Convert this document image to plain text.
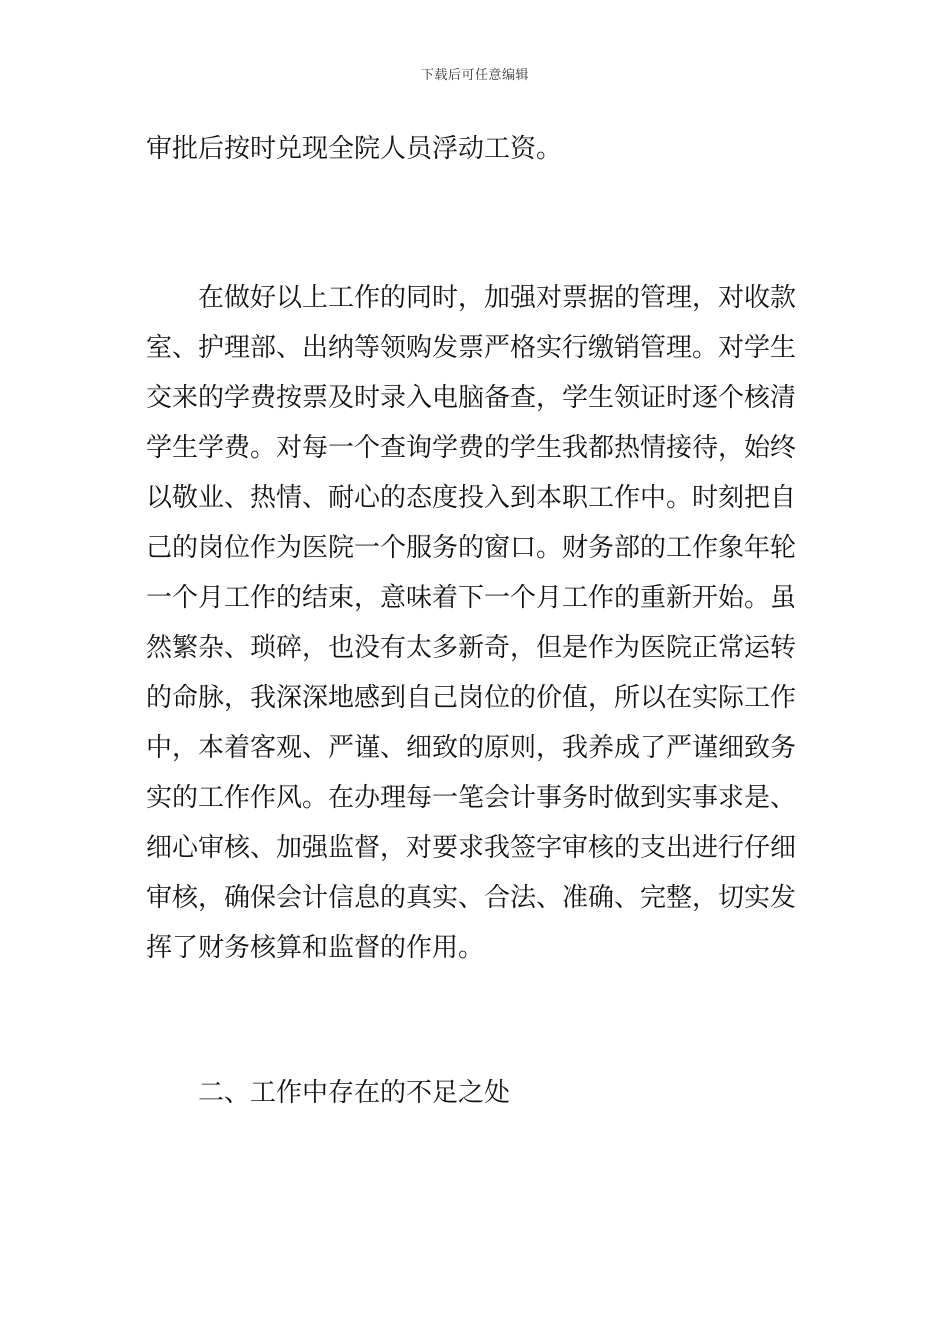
下载后可任意编辑
审批后按时兑现全院人员浮动工资。
在做好以上工作的同时，加强对票据的管理，对收款
室、护理部、出纳等领购发票严格实行缴销管理。对学生
交来的学费按票及时录入电脑备查，学生领证时逐个核清
学生学费。对每一个查询学费的学生我都热情接待，始终
以敬业、热情、耐心的态度投入到本职工作中。时刻把自
己的岗位作为医院一个服务的窗口。财务部的工作象年轮
一个月工作的结束，意味着下一个月工作的重新开始。虽
然繁杂、琐碎，也没有太多新奇，但是作为医院正常运转
的命脉，我深深地感到自己岗位的价值，所以在实际工作
中，本着客观、严谨、细致的原则，我养成了严谨细致务
实的工作作风。在办理每一笔会计事务时做到实事求是、
细心审核、加强监督，对要求我签字审核的支出进行仔细
审核，确保会计信息的真实、合法、准确、完整，切实发
挥了财务核算和监督的作用。
二、工作中存在的不足之处
